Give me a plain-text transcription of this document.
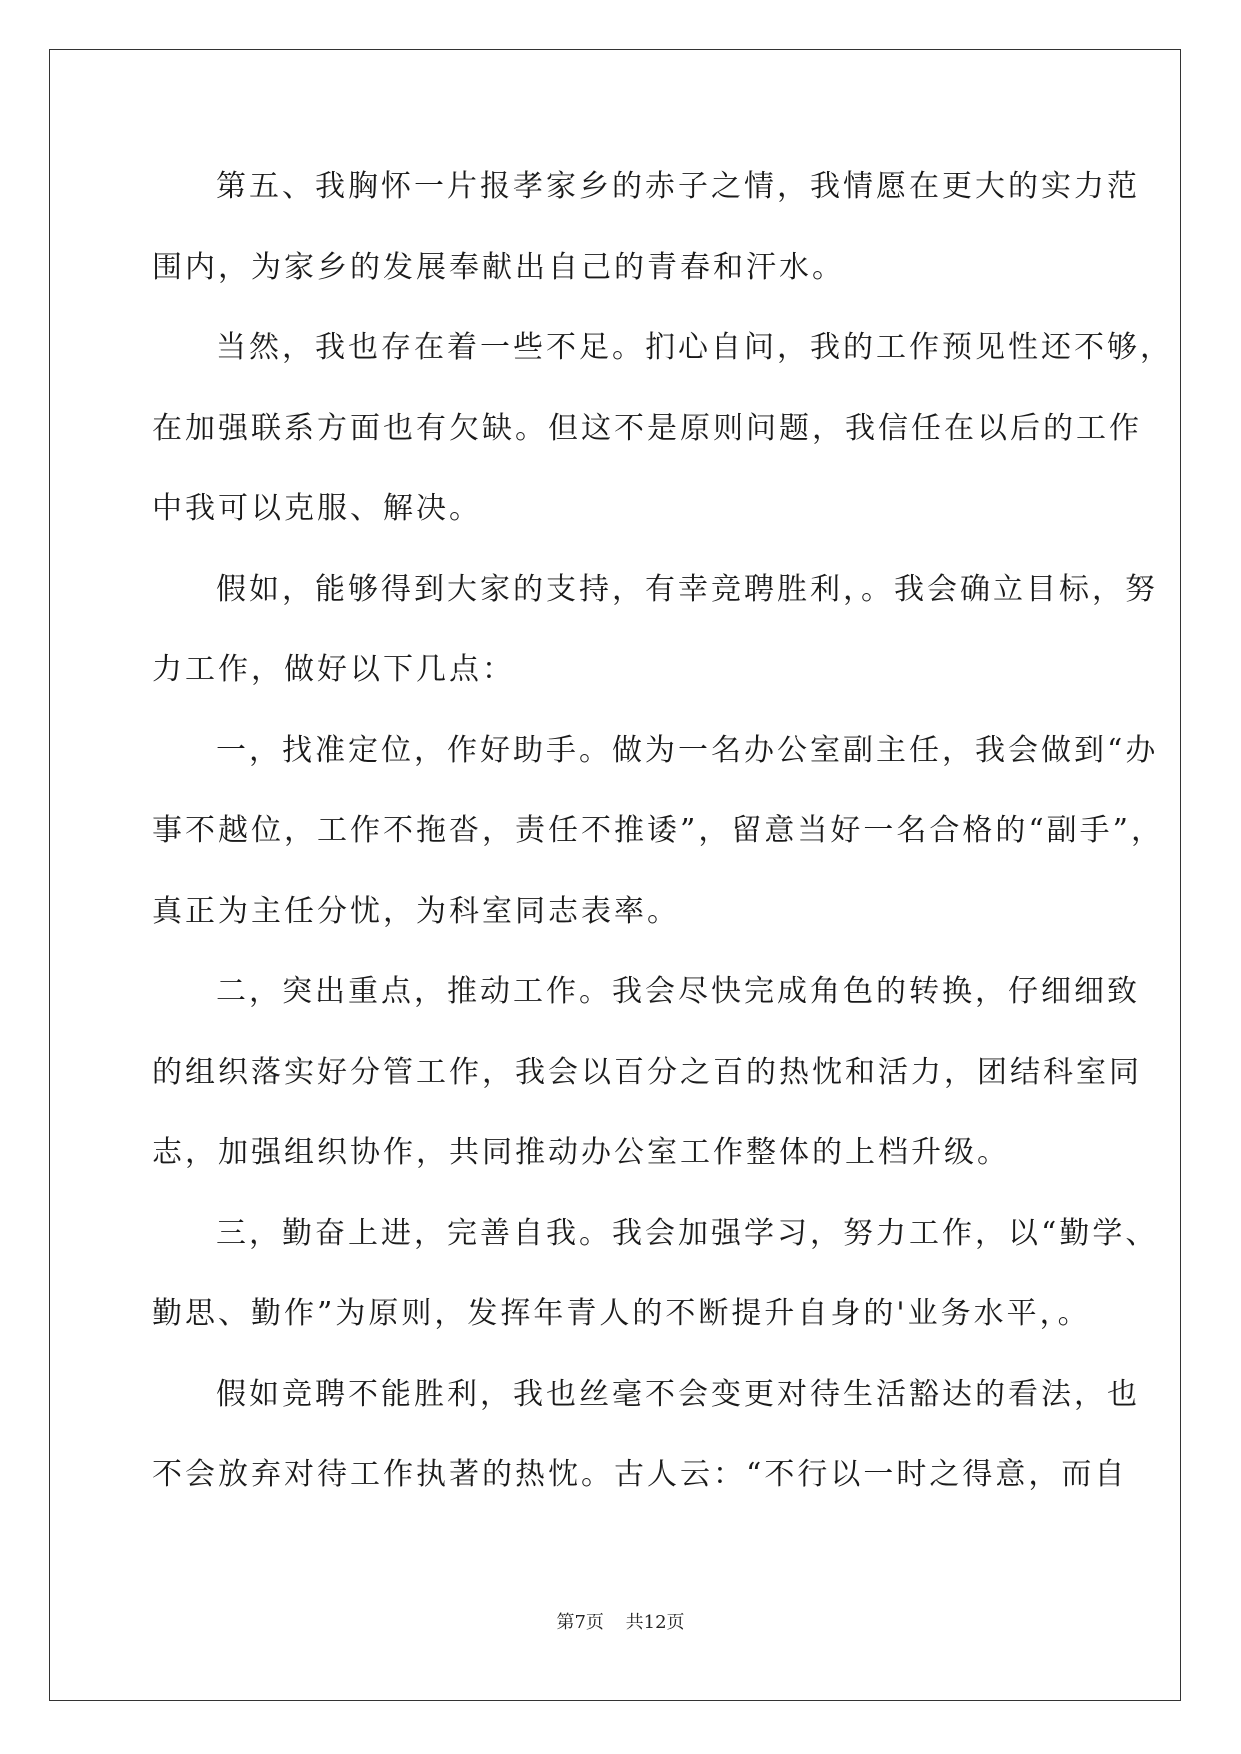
第五、我胸怀一片报孝家乡的赤子之情，我情愿在更大的实力范
围内，为家乡的发展奉献出自己的青春和汗水。
当然，我也存在着一些不足。扪心自问，我的工作预见性还不够，
在加强联系方面也有欠缺。但这不是原则问题，我信任在以后的工作
中我可以克服、解决。
假如，能够得到大家的支持，有幸竞聘胜利，。我会确立目标，努
力工作，做好以下几点：
一，找准定位，作好助手。做为一名办公室副主任，我会做到“办
事不越位，工作不拖沓，责任不推诿”，留意当好一名合格的“副手”，
真正为主任分忧，为科室同志表率。
二，突出重点，推动工作。我会尽快完成角色的转换，仔细细致
的组织落实好分管工作，我会以百分之百的热忱和活力，团结科室同
志，加强组织协作，共同推动办公室工作整体的上档升级。
三，勤奋上进，完善自我。我会加强学习，努力工作，以“勤学、
勤思、勤作”为原则，发挥年青人的不断提升自身的'业务水平，。
假如竞聘不能胜利，我也丝毫不会变更对待生活豁达的看法，也
不会放弃对待工作执著的热忱。古人云：“不行以一时之得意，而自
第7页 共12页
